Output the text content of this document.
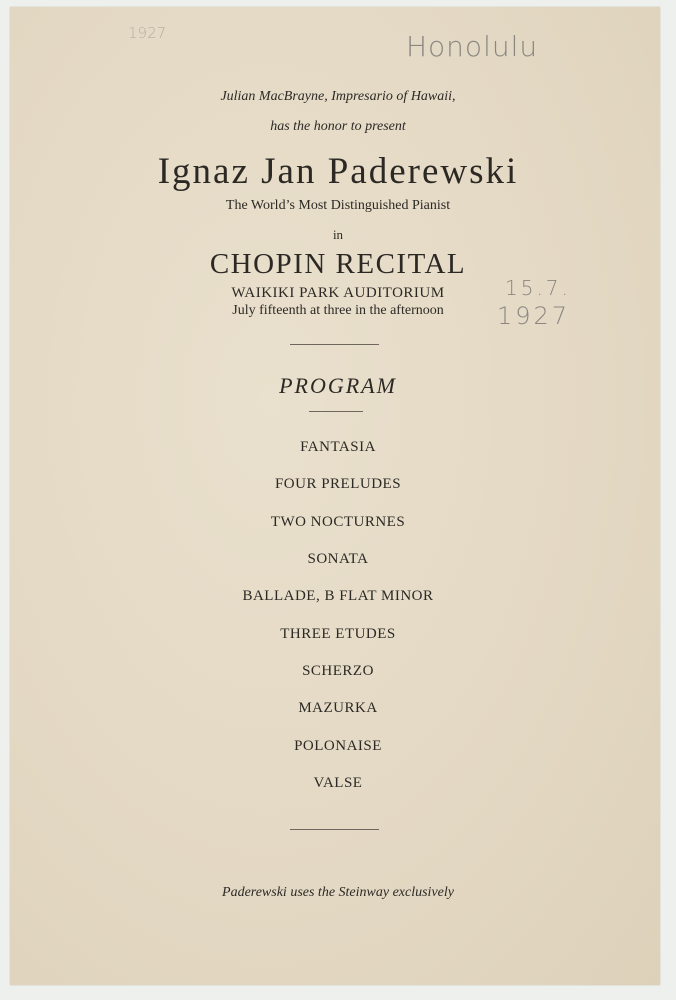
1927	Honolulu
15.7.
1927
Julian MacBrayne, Impresario of Hawaii,
has the honor to present
Ignaz Jan Paderewski
The World’s Most Distinguished Pianist
in
CHOPIN RECITAL
WAIKIKI PARK AUDITORIUM
July fifteenth at three in the afternoon
PROGRAM
FANTASIA
FOUR PRELUDES
TWO NOCTURNES
SONATA
BALLADE, B FLAT MINOR
THREE ETUDES
SCHERZO
MAZURKA
POLONAISE
VALSE
Paderewski uses the Steinway exclusively
